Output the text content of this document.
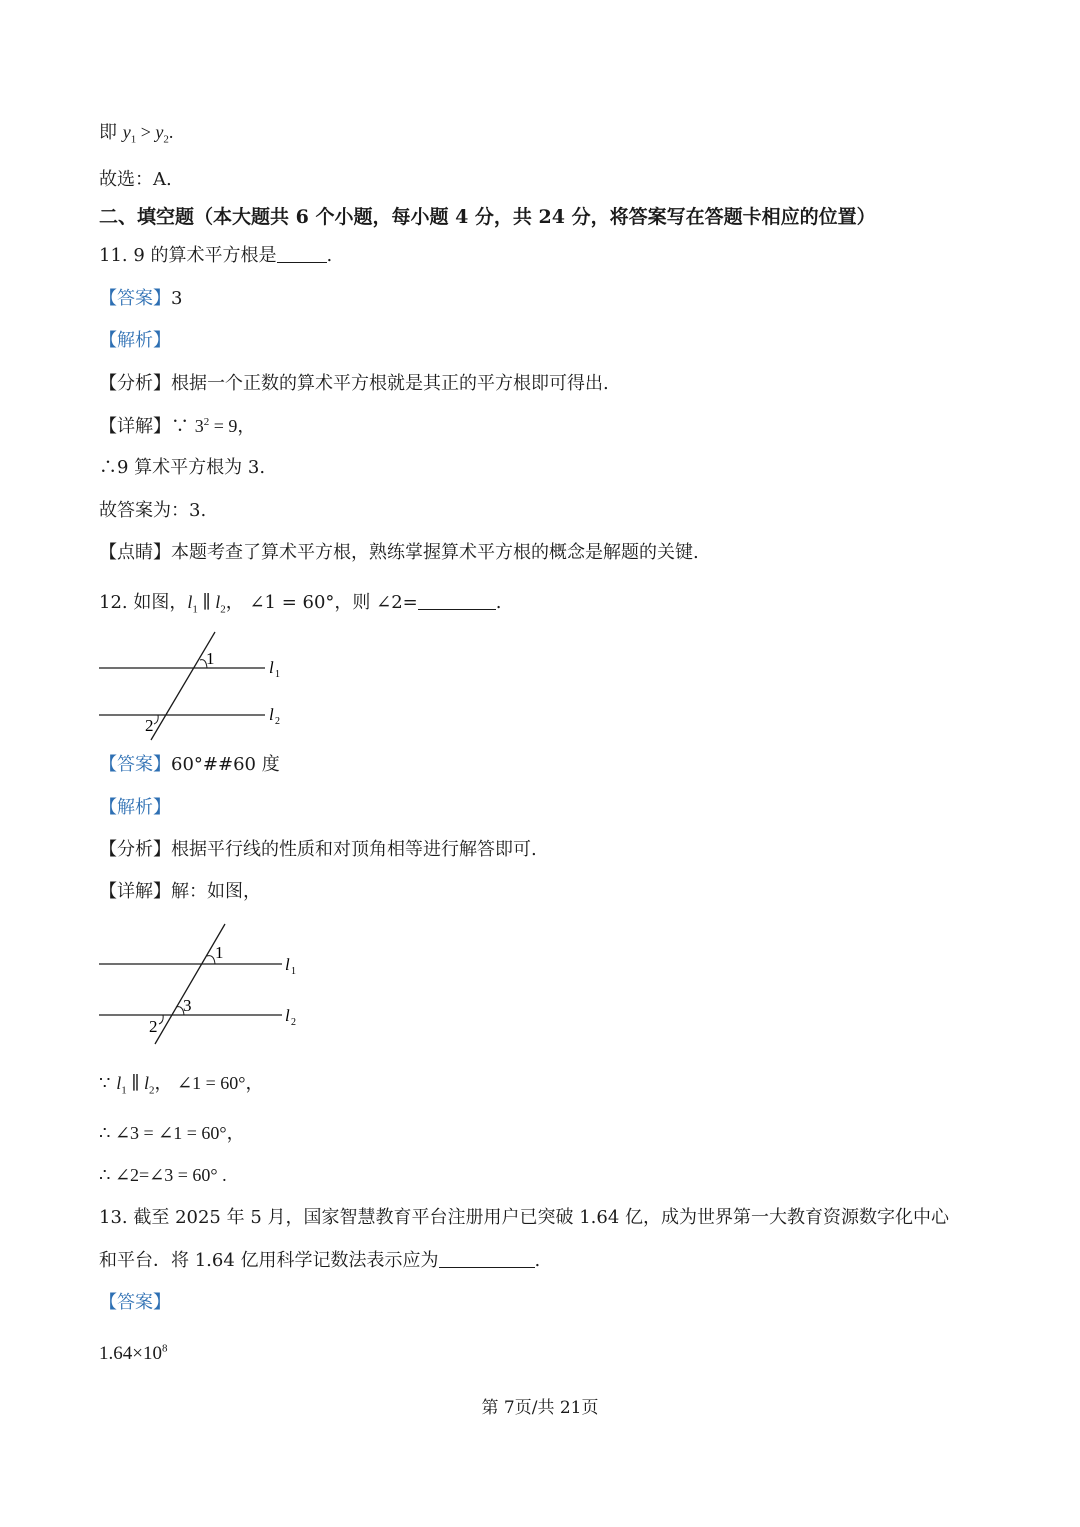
即 $y_1 > y_2$.
故选：A.
二、填空题（本大题共 6 个小题，每小题 4 分，共 24 分，将答案写在答题卡相应的位置）
11. 9 的算术平方根是	.
【答案】3
【解析】
【分析】根据一个正数的算术平方根就是其正的平方根即可得出.
【详解】∵ $3^2 = 9$，
∴9 算术平方根为 3.
故答案为：3.
【点睛】本题考查了算术平方根，熟练掌握算术平方根的概念是解题的关键.
12. 如图，$l_1$ ∥ $l_2$， ∠1 = 60°，则 ∠2=	.
1
2
l 1
l 2
【答案】60°##60 度
【解析】
【分析】根据平行线的性质和对顶角相等进行解答即可.
【详解】解：如图，
1
3
2
l 1
l 2
∵ $l_1$ ∥ $l_2$， ∠1 = 60°，
∴ ∠3 = ∠1 = 60°，
∴ ∠2=∠3 = 60° .
13. 截至 2025 年 5 月，国家智慧教育平台注册用户已突破 1.64 亿，成为世界第一大教育资源数字化中心
和平台．将 1.64 亿用科学记数法表示应为	.
【答案】
$1.64\times 10^8$
第 7页/共 21页
